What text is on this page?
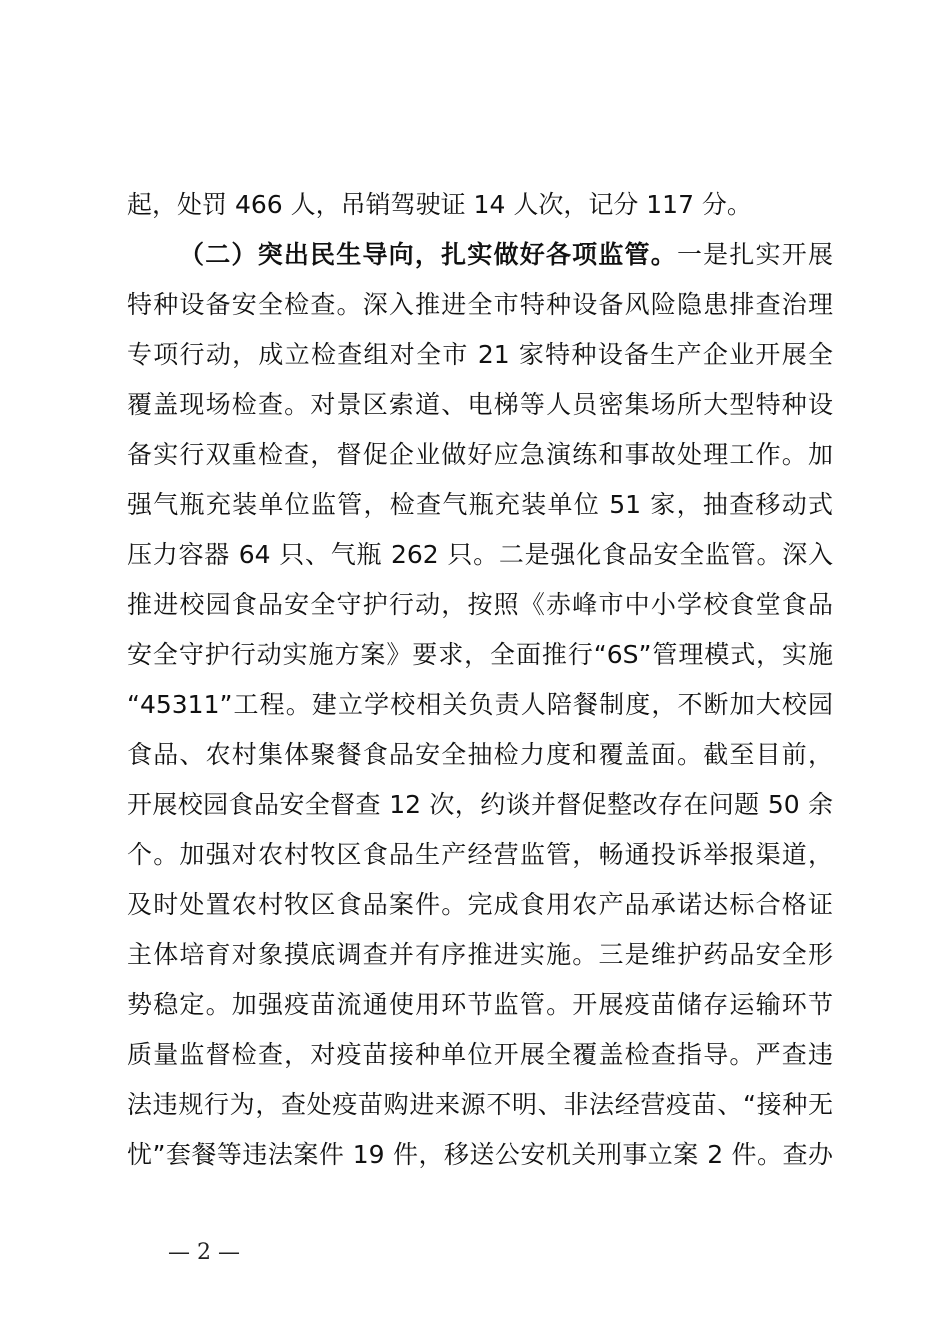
起，处罚 466 人，吊销驾驶证 14 人次，记分 117 分。
（二）突出民生导向，扎实做好各项监管。一是扎实开展
特种设备安全检查。深入推进全市特种设备风险隐患排查治理
专项行动，成立检查组对全市 21 家特种设备生产企业开展全
覆盖现场检查。对景区索道、电梯等人员密集场所大型特种设
备实行双重检查，督促企业做好应急演练和事故处理工作。加
强气瓶充装单位监管，检查气瓶充装单位 51 家，抽查移动式
压力容器 64 只、气瓶 262 只。二是强化食品安全监管。深入
推进校园食品安全守护行动，按照《赤峰市中小学校食堂食品
安全守护行动实施方案》要求，全面推行“6S”管理模式，实施
“45311”工程。建立学校相关负责人陪餐制度，不断加大校园
食品、农村集体聚餐食品安全抽检力度和覆盖面。截至目前，
开展校园食品安全督查 12 次，约谈并督促整改存在问题 50 余
个。加强对农村牧区食品生产经营监管，畅通投诉举报渠道，
及时处置农村牧区食品案件。完成食用农产品承诺达标合格证
主体培育对象摸底调查并有序推进实施。三是维护药品安全形
势稳定。加强疫苗流通使用环节监管。开展疫苗储存运输环节
质量监督检查，对疫苗接种单位开展全覆盖检查指导。严查违
法违规行为，查处疫苗购进来源不明、非法经营疫苗、“接种无
忧”套餐等违法案件 19 件，移送公安机关刑事立案 2 件。查办
— 2 —
